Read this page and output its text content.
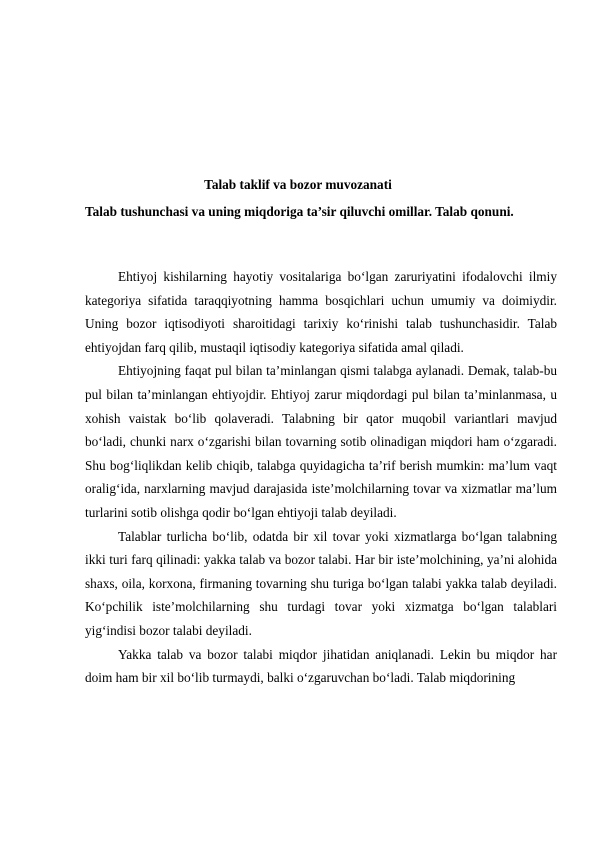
Talab taklif va bozor muvozanati
Talab tushunchasi va uning miqdoriga ta’sir qiluvchi omillar. Talab qonuni.

Ehtiyoj kishilarning hayotiy vositalariga bo‘lgan zaruriyatini ifodalovchi ilmiy kategoriya sifatida taraqqiyotning hamma bosqichlari uchun umumiy va doimiydir. Uning bozor iqtisodiyoti sharoitidagi tarixiy ko‘rinishi talab tushunchasidir. Talab ehtiyojdan farq qilib, mustaqil iqtisodiy kategoriya sifatida amal qiladi.

Ehtiyojning faqat pul bilan ta’minlangan qismi talabga aylanadi. Demak, talab-bu pul bilan ta’minlangan ehtiyojdir. Ehtiyoj zarur miqdordagi pul bilan ta’minlanmasa, u xohish vaistak bo‘lib qolaveradi. Talabning bir qator muqobil variantlari mavjud bo‘ladi, chunki narx o‘zgarishi bilan tovarning sotib olinadigan miqdori ham o‘zgaradi. Shu bog‘liqlikdan kelib chiqib, talabga quyidagicha ta’rif berish mumkin: ma’lum vaqt oralig‘ida, narxlarning mavjud darajasida iste’molchilarning tovar va xizmatlar ma’lum turlarini sotib olishga qodir bo‘lgan ehtiyoji talab deyiladi.

Talablar turlicha bo‘lib, odatda bir xil tovar yoki xizmatlarga bo‘lgan talabning ikki turi farq qilinadi: yakka talab va bozor talabi. Har bir iste’molchining, ya’ni alohida shaxs, oila, korxona, firmaning tovarning shu turiga bo‘lgan talabi yakka talab deyiladi. Ko‘pchilik iste’molchilarning shu turdagi tovar yoki xizmatga bo‘lgan talablari yig‘indisi bozor talabi deyiladi.

Yakka talab va bozor talabi miqdor jihatidan aniqlanadi. Lekin bu miqdor har doim ham bir xil bo‘lib turmaydi, balki o‘zgaruvchan bo‘ladi. Talab miqdorining
